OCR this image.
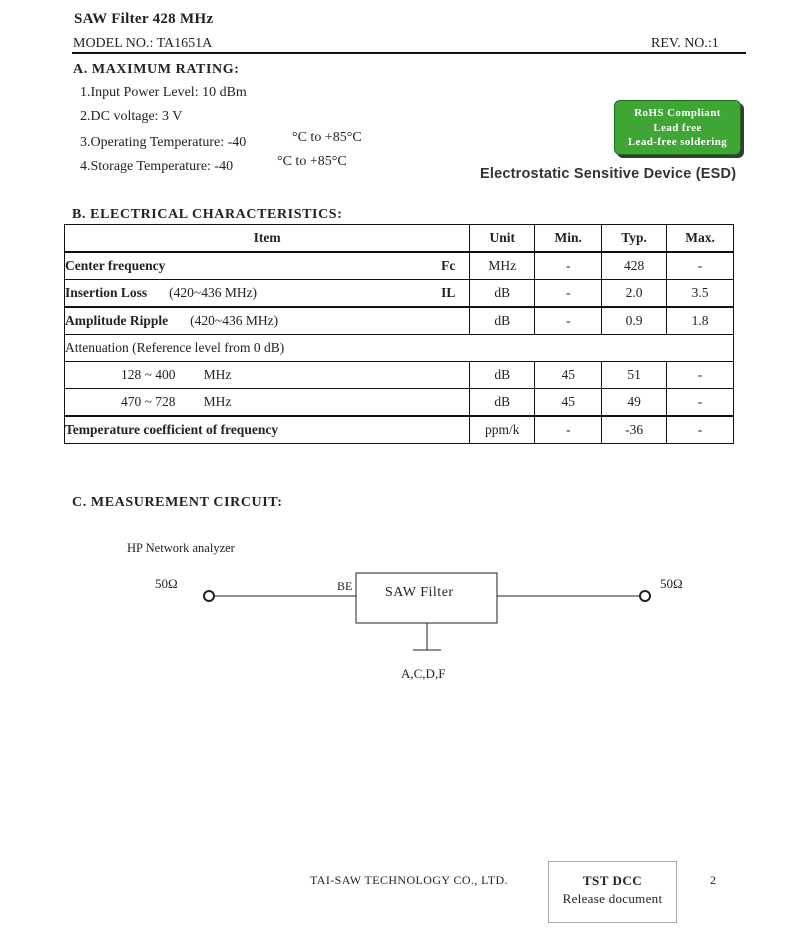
SAW Filter 428 MHz
MODEL NO.: TA1651A	REV. NO.:1
A. MAXIMUM RATING:
1.Input Power Level: 10 dBm
2.DC voltage: 3 V
3.Operating Temperature: -40	°C to +85°C
4.Storage Temperature: -40	°C to +85°C
RoHS Compliant
Lead free
Lead-free soldering
Electrostatic Sensitive Device (ESD)
B. ELECTRICAL CHARACTERISTICS:
Item	Unit	Min.	Typ.	Max.
Center frequency Fc	MHz	-	428	-
Insertion Loss (420~436 MHz) IL	dB	-	2.0	3.5
Amplitude Ripple (420~436 MHz)	dB	-	0.9	1.8
Attenuation (Reference level from 0 dB)				
128 ~ 400 MHz	dB	45	51	-
470 ~ 728 MHz	dB	45	49	-
Temperature coefficient of frequency	ppm/k	-	-36	-
C. MEASUREMENT CIRCUIT:
HP Network analyzer
50Ω	50Ω
BE
A,C,D,F
SAW Filter
TAI-SAW TECHNOLOGY CO., LTD.	TST DCC
Release document
2
